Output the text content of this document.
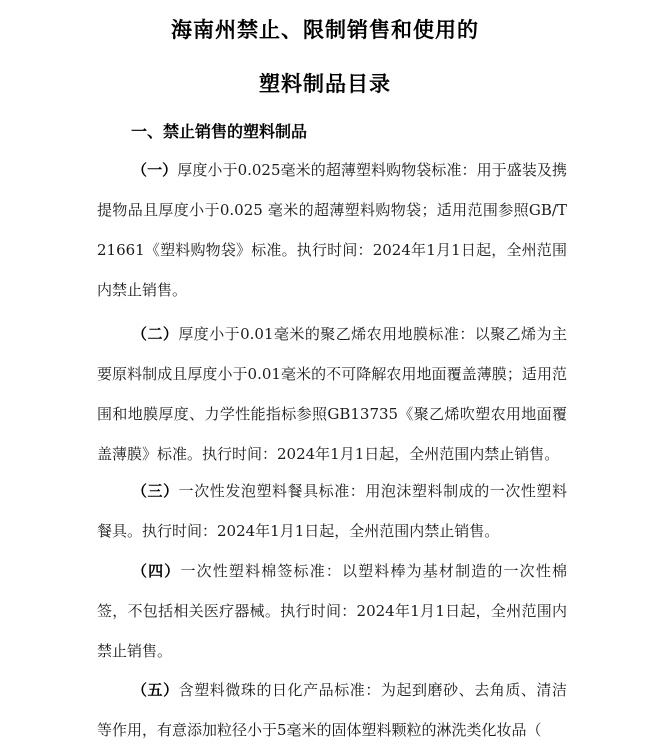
海南州禁止、限制销售和使用的
塑料制品目录
一、禁止销售的塑料制品

（一）厚度小于0.025毫米的超薄塑料购物袋标准：用于盛装及携提物品且厚度小于0.025 毫米的超薄塑料购物袋；适用范围参照GB/T 21661《塑料购物袋》标准。执行时间：2024年1月1日起，全州范围内禁止销售。

（二）厚度小于0.01毫米的聚乙烯农用地膜标准：以聚乙烯为主要原料制成且厚度小于0.01毫米的不可降解农用地面覆盖薄膜；适用范围和地膜厚度、力学性能指标参照GB13735《聚乙烯吹塑农用地面覆盖薄膜》标准。执行时间：2024年1月1日起，全州范围内禁止销售。

（三）一次性发泡塑料餐具标准：用泡沫塑料制成的一次性塑料餐具。执行时间：2024年1月1日起，全州范围内禁止销售。

（四）一次性塑料棉签标准：以塑料棒为基材制造的一次性棉签，不包括相关医疗器械。执行时间：2024年1月1日起，全州范围内禁止销售。

（五）含塑料微珠的日化产品标准：为起到磨砂、去角质、清洁等作用，有意添加粒径小于5毫米的固体塑料颗粒的淋洗类化妆品（
